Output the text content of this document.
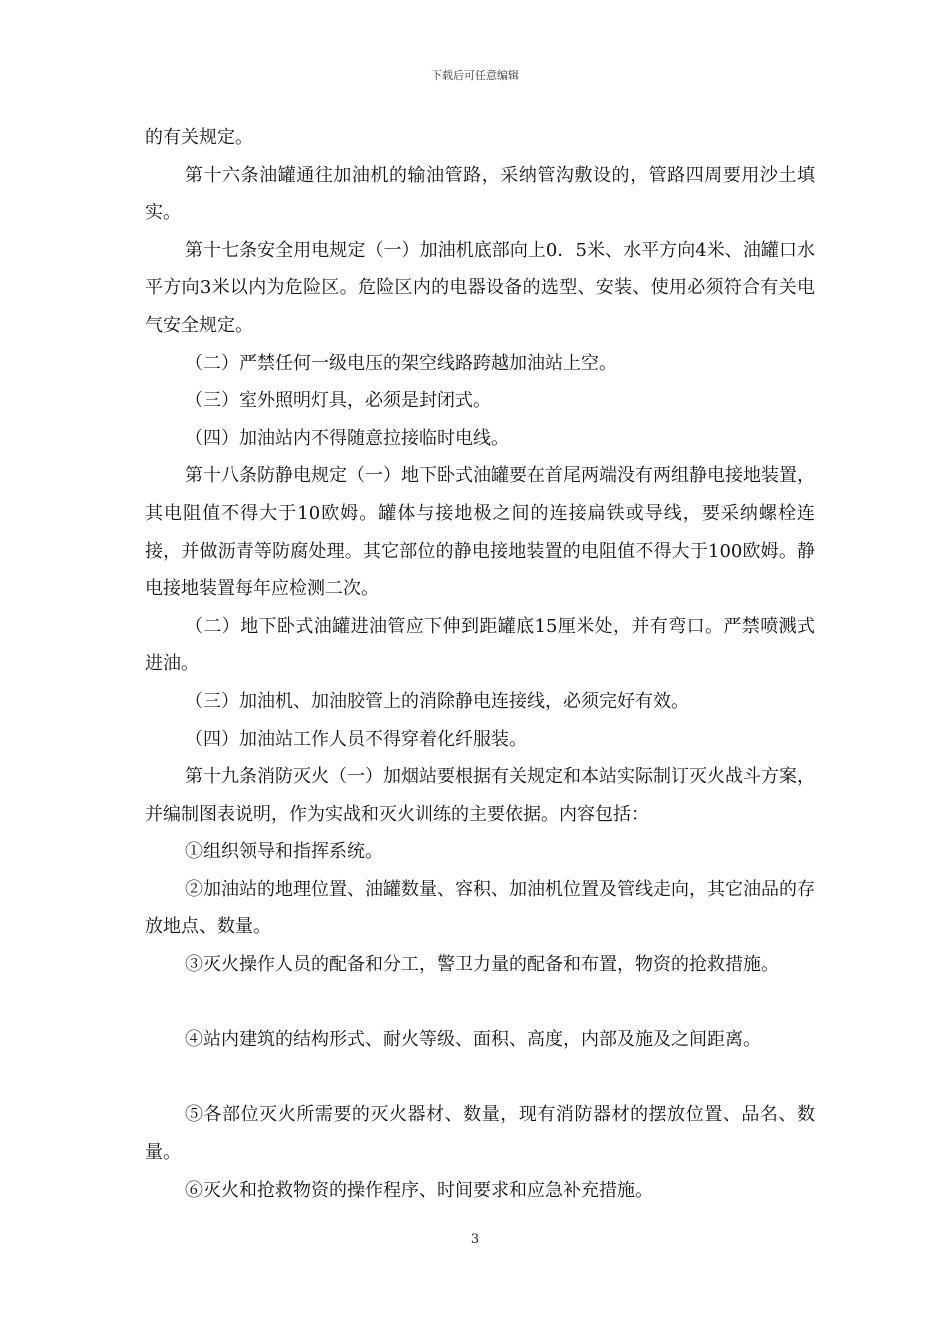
下载后可任意编辑

的有关规定。

第十六条油罐通往加油机的输油管路，采纳管沟敷设的，管路四周要用沙土填实。

第十七条安全用电规定（一）加油机底部向上0．5米、水平方向4米、油罐口水平方向3米以内为危险区。危险区内的电器设备的选型、安装、使用必须符合有关电气安全规定。

（二）严禁任何一级电压的架空线路跨越加油站上空。

（三）室外照明灯具，必须是封闭式。

（四）加油站内不得随意拉接临时电线。

第十八条防静电规定（一）地下卧式油罐要在首尾两端没有两组静电接地装置，其电阻值不得大于10欧姆。罐体与接地极之间的连接扁铁或导线，要采纳螺栓连接，并做沥青等防腐处理。其它部位的静电接地装置的电阻值不得大于100欧姆。静电接地装置每年应检测二次。

（二）地下卧式油罐进油管应下伸到距罐底15厘米处，并有弯口。严禁喷溅式进油。

（三）加油机、加油胶管上的消除静电连接线，必须完好有效。

（四）加油站工作人员不得穿着化纤服装。

第十九条消防灭火（一）加烟站要根据有关规定和本站实际制订灭火战斗方案，并编制图表说明，作为实战和灭火训练的主要依据。内容包括：

①组织领导和指挥系统。

②加油站的地理位置、油罐数量、容积、加油机位置及管线走向，其它油品的存放地点、数量。

③灭火操作人员的配备和分工，警卫力量的配备和布置，物资的抢救措施。

④站内建筑的结构形式、耐火等级、面积、高度，内部及施及之间距离。

⑤各部位灭火所需要的灭火器材、数量，现有消防器材的摆放位置、品名、数量。

⑥灭火和抢救物资的操作程序、时间要求和应急补充措施。

3
